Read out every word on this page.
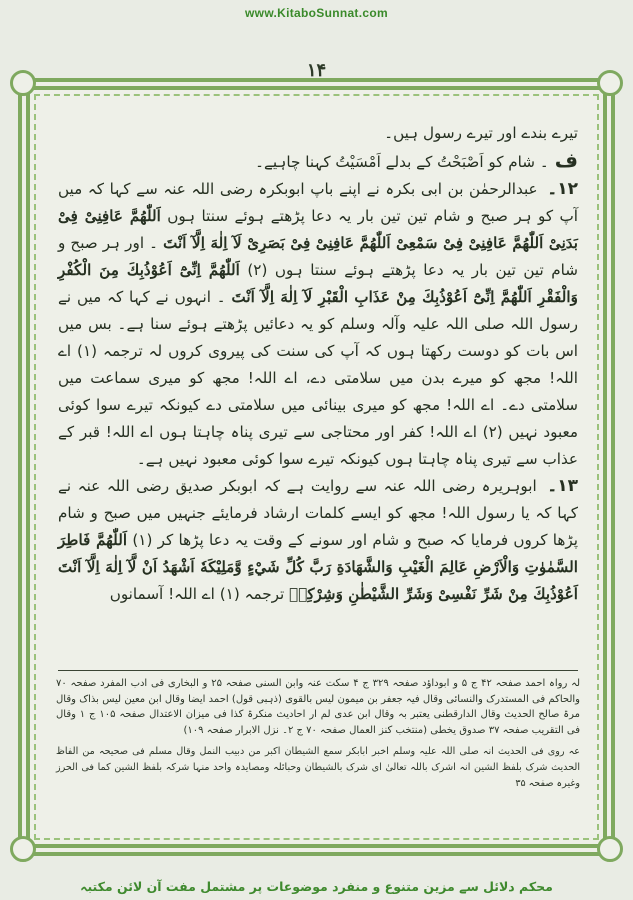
www.KitaboSunnat.com
١۴

تیرے بندے اور تیرے رسول ہیں۔

ف۔ شام کو اَصْبَحْتُ کے بدلے اَمْسَیْتُ کہنا چاہیے۔

١٢۔ عبدالرحمٰن بن ابی بکرہ نے اپنے باپ ابوبکرہ رضی اللہ عنہ سے کہا کہ میں آپ کو ہر صبح و شام تین تین بار یہ دعا پڑھتے ہوئے سنتا ہوں اَللّٰهُمَّ عَافِنِیْ فِیْ بَدَنِیْ اَللّٰهُمَّ عَافِنِیْ فِیْ سَمْعِیْ اَللّٰهُمَّ عَافِنِیْ فِیْ بَصَرِیْ لَآ اِلٰهَ اِلَّآ اَنْتَ ۔ اور ہر صبح و شام تین تین بار یہ دعا پڑھتے ہوئے سنتا ہوں (٢) اَللّٰهُمَّ اِنِّیْٓ اَعُوْذُبِكَ مِنَ الْكُفْرِ وَالْفَقْرِ اَللّٰهُمَّ اِنِّیْٓ اَعُوْذُبِكَ مِنْ عَذَابِ الْقَبْرِ لَآ اِلٰهَ اِلَّآ اَنْتَ ۔ انہوں نے کہا کہ میں نے رسول اللہ صلی اللہ علیہ وآلہ وسلم کو یہ دعائیں پڑھتے ہوئے سنا ہے۔ بس میں اس بات کو دوست رکھتا ہوں کہ آپ کی سنت کی پیروی کروں لہ ترجمہ (١) اے اللہ! مجھ کو میرے بدن میں سلامتی دے، اے اللہ! مجھ کو میری سماعت میں سلامتی دے۔ اے اللہ! مجھ کو میری بینائی میں سلامتی دے کیونکہ تیرے سوا کوئی معبود نہیں (٢) اے اللہ! کفر اور محتاجی سے تیری پناہ چاہتا ہوں اے اللہ! قبر کے عذاب سے تیری پناہ چاہتا ہوں کیونکہ تیرے سوا کوئی معبود نہیں ہے۔

١٣۔ ابوہریرہ رضی اللہ عنہ سے روایت ہے کہ ابوبکر صدیق رضی اللہ عنہ نے کہا کہ یا رسول اللہ! مجھ کو ایسے کلمات ارشاد فرمایئے جنہیں میں صبح و شام پڑھا کروں فرمایا کہ صبح و شام اور سونے کے وقت یہ دعا پڑھا کر (١) اَللّٰهُمَّ فَاطِرَ السَّمٰوٰتِ وَالْاَرْضِ عَالِمَ الْغَيْبِ وَالشَّهَادَةِ رَبَّ كُلِّ شَيْءٍ وَّمَلِيْكَهٗ اَشْهَدُ اَنْ لَّآ اِلٰهَ اِلَّآ اَنْتَ اَعُوْذُبِكَ مِنْ شَرِّ نَفْسِیْ وَشَرِّ الشَّيْطٰنِ وَشِرْكِهٖ ترجمہ (١) اے اللہ! آسمانوں

لہ رواہ احمد صفحہ ۴۲ ج ۵ و ابوداؤد صفحہ ۳۲۹ ج ۴ سکت عنہ وابن السنی صفحہ ۲۵ و البخاری فی ادب المفرد صفحہ ۷۰ والحاکم فی المستدرک والنسائی وقال فیہ جعفر بن میمون لیس بالقوی (ذہبی قول) احمد ایضا وقال ابن معین لیس بذاک وقال مرۃ صالح الحدیث وقال الدارقطنی یعتبر بہ وقال ابن عدی لم ار احادیث منکرۃ کذا فی میزان الاعتدال صفحہ ۱۰۵ ج ۱ وقال فی التقریب صفحہ ۳۷ صدوق یخطی (منتخب کنز العمال صفحہ ۷۰ ج ۲۔ نزل الابرار صفحہ ۱۰۹)

عہ روی فی الحدیث انہ صلی اللہ علیہ وسلم اخبر ابابکر سمع الشیطان اکبر من دبیب النمل وقال مسلم فی صحیحہ من الفاظ الحدیث شرک بلفظ الشین انہ اشرک باللہ تعالیٰ ای شرک بالشیطان وحبائلہ ومصایدہ واحد منہا شرکہ بلفظ الشین کما فی الحرز وغیرہ صفحہ ۳۵

محکم دلائل سے مزین متنوع و منفرد موضوعات پر مشتمل مفت آن لائن مکتبہ
